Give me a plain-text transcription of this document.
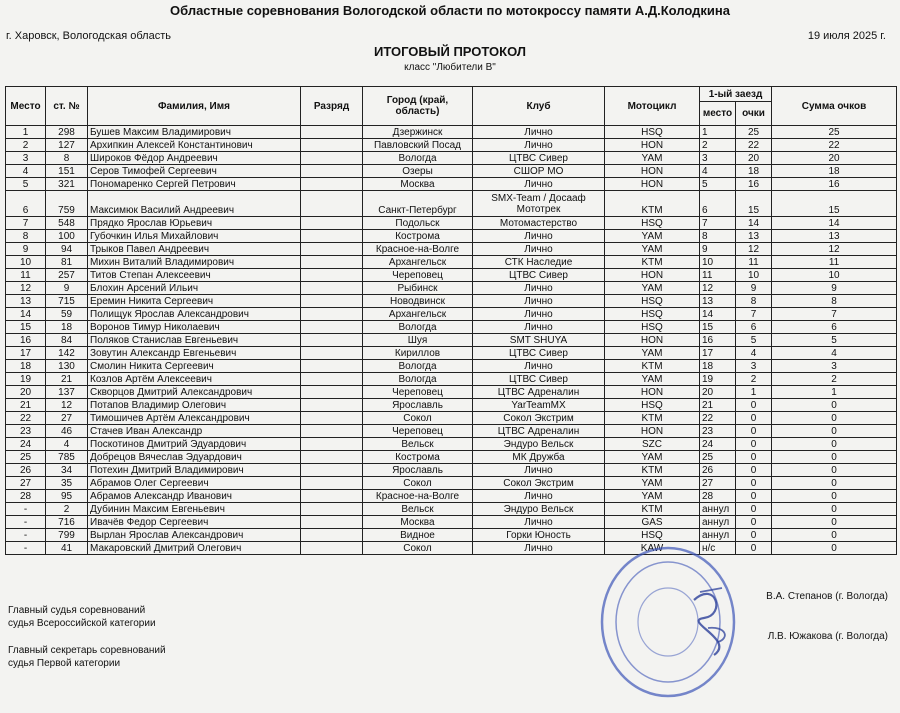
Областные соревнования Вологодской области по мотокроссу памяти А.Д.Колодкина
г. Харовск, Вологодская область	19 июля 2025 г.
ИТОГОВЫЙ ПРОТОКОЛ
класс "Любители В"
Место	ст. №	Фамилия, Имя	Разряд	Город (край, область)	Клуб	Мотоцикл	1-ый заезд		Сумма очков
							место	очки	
1	298	Бушев Максим Владимирович		Дзержинск	Лично	HSQ	1	25	25
2	127	Архипкин Алексей Константинович		Павловский Посад	Лично	HON	2	22	22
3	8	Широков Фёдор Андреевич		Вологда	ЦТВС Сивер	YAM	3	20	20
4	151	Серов Тимофей Сергеевич		Озеры	СШОР МО	HON	4	18	18
5	321	Пономаренко Сергей Петрович		Москва	Лично	HON	5	16	16
6	759	Максимюк Василий Андреевич		Санкт-Петербург	SMX-Team / Досааф Мототрек	KTM	6	15	15
7	548	Прядко Ярослав Юрьевич		Подольск	Мотомастерство	HSQ	7	14	14
8	100	Губочкин Илья Михайлович		Кострома	Лично	YAM	8	13	13
9	94	Трыков Павел Андреевич		Красное-на-Волге	Лично	YAM	9	12	12
10	81	Михин Виталий Владимирович		Архангельск	СТК Наследие	KTM	10	11	11
11	257	Титов Степан Алексеевич		Череповец	ЦТВС Сивер	HON	11	10	10
12	9	Блохин Арсений Ильич		Рыбинск	Лично	YAM	12	9	9
13	715	Еремин Никита Сергеевич		Новодвинск	Лично	HSQ	13	8	8
14	59	Полищук Ярослав Александрович		Архангельск	Лично	HSQ	14	7	7
15	18	Воронов Тимур Николаевич		Вологда	Лично	HSQ	15	6	6
16	84	Поляков Станислав Евгеньевич		Шуя	SMT SHUYA	HON	16	5	5
17	142	Зовутин Александр Евгеньевич		Кириллов	ЦТВС Сивер	YAM	17	4	4
18	130	Смолин Никита Сергеевич		Вологда	Лично	KTM	18	3	3
19	21	Козлов Артём Алексеевич		Вологда	ЦТВС Сивер	YAM	19	2	2
20	137	Скворцов Дмитрий Александрович		Череповец	ЦТВС Адреналин	HON	20	1	1
21	12	Потапов Владимир Олегович		Ярославль	YarTeamMX	HSQ	21	0	0
22	27	Тимошичев Артём Александрович		Сокол	Сокол Экстрим	KTM	22	0	0
23	46	Стачев Иван Александр		Череповец	ЦТВС Адреналин	HON	23	0	0
24	4	Поскотинов Дмитрий Эдуардович		Вельск	Эндуро Вельск	SZC	24	0	0
25	785	Добрецов Вячеслав Эдуардович		Кострома	МК Дружба	YAM	25	0	0
26	34	Потехин Дмитрий Владимирович		Ярославль	Лично	KTM	26	0	0
27	35	Абрамов Олег Сергеевич		Сокол	Сокол Экстрим	YAM	27	0	0
28	95	Абрамов Александр Иванович		Красное-на-Волге	Лично	YAM	28	0	0
-	2	Дубинин Максим Евгеньевич		Вельск	Эндуро Вельск	KTM	аннул	0	0
-	716	Ивачёв Федор Сергеевич		Москва	Лично	GAS	аннул	0	0
-	799	Вырлан Ярослав Александрович		Видное	Горки Юность	HSQ	аннул	0	0
-	41	Макаровский Дмитрий Олегович		Сокол	Лично	KAW	н/с	0	0
Главный судья соревнований
судья Всероссийской категории
В.А. Степанов (г. Вологда)
Главный секретарь соревнований
судья Первой категории
Л.В. Южакова (г. Вологда)
